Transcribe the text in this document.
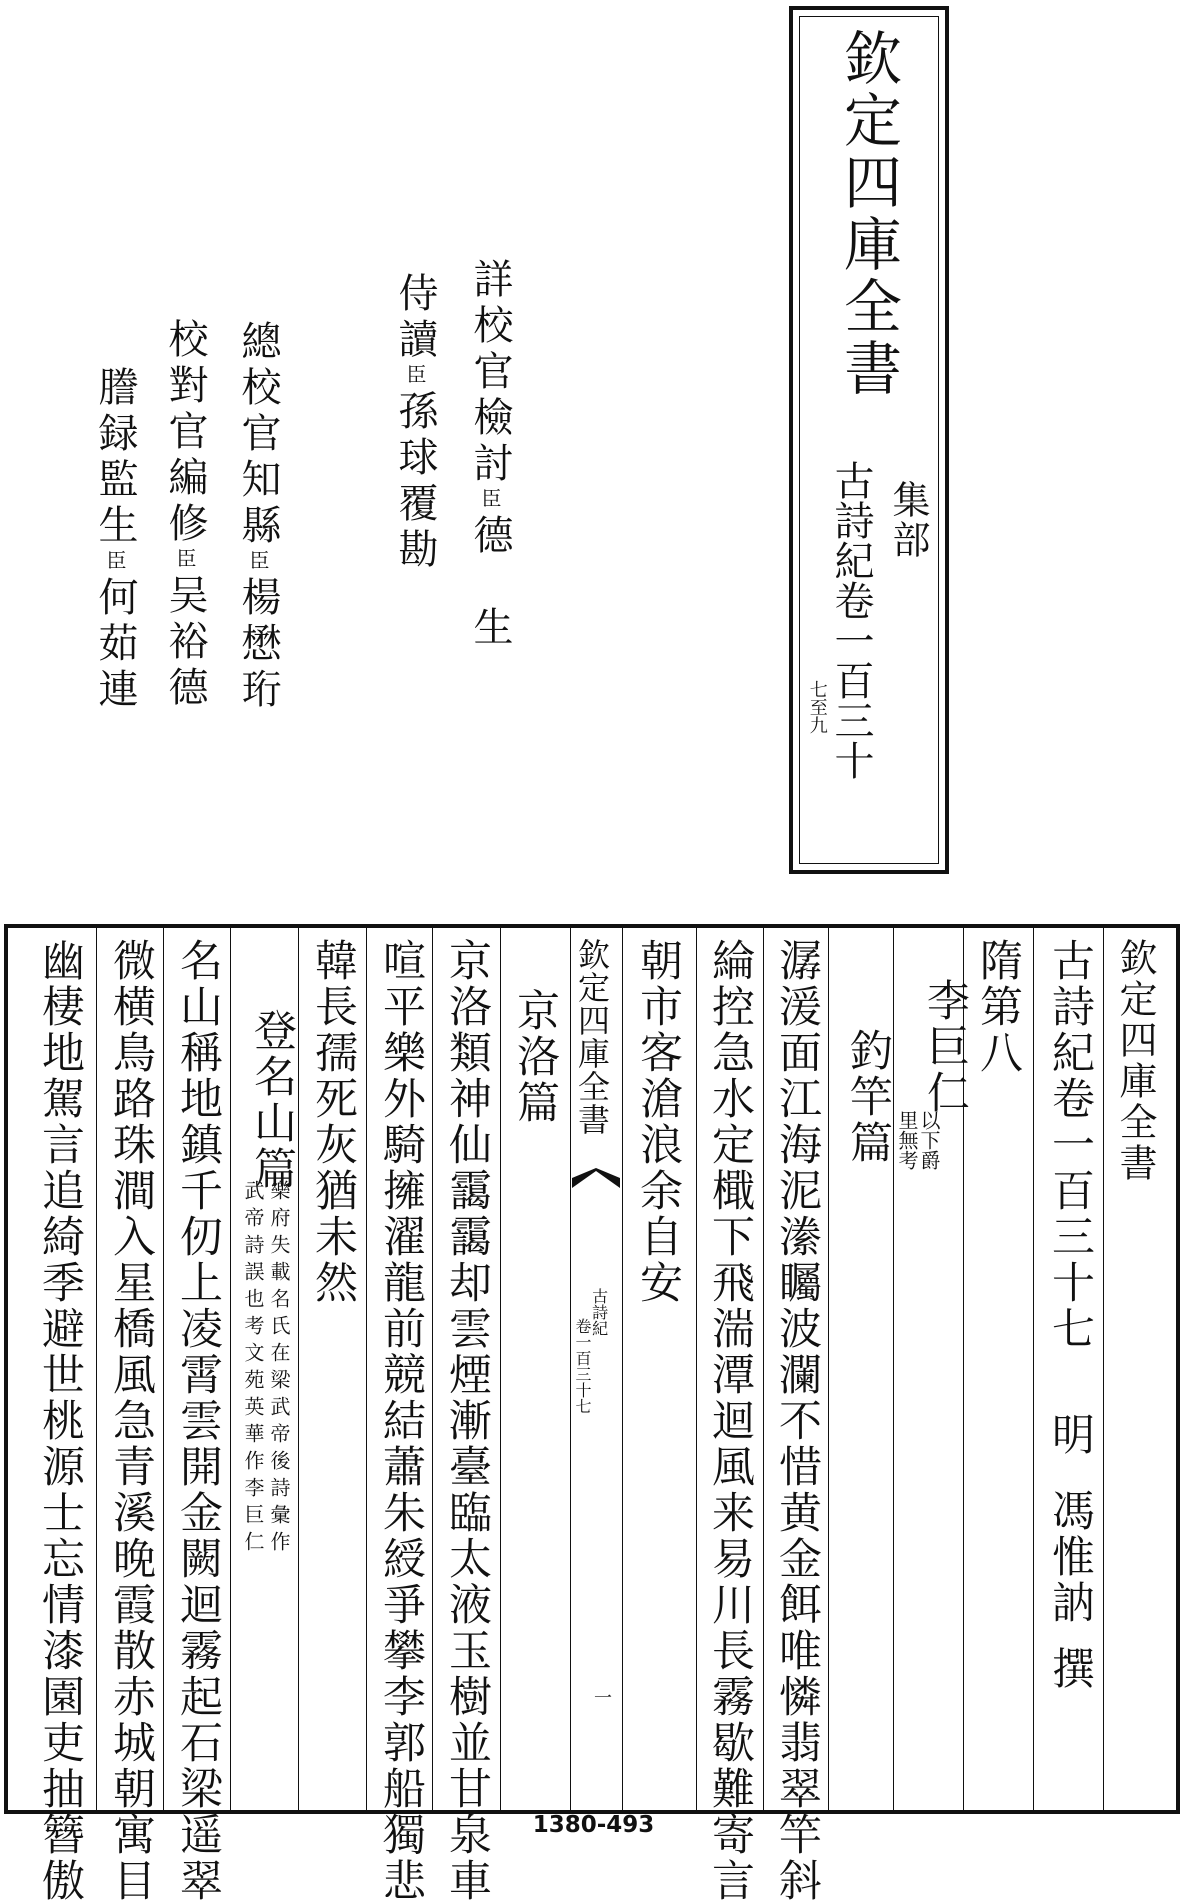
欽定四庫全書
集部
古詩紀卷一百三十
七至九
詳校官檢討臣德　生
侍讀臣孫球覆勘
總校官知縣臣楊懋珩
校對官編修臣吴裕德
謄録監生臣何茹連
欽定四庫全書
古詩紀卷一百三十七明馮惟訥撰
隋第八
李巨仁
以下爵
里無考
釣竿篇
潺湲面江海泥潫矚波瀾不惜黄金餌唯憐翡翠竿斜
綸控急水定檝下飛湍潭迴風来易川長霧歇難寄言
朝市客滄浪余自安
欽定四庫全書
古詩紀
卷一百三十七
一
京洛篇
京洛類神仙靄靄却雲煙漸臺臨太液玉樹並甘泉車
喧平樂外騎擁濯龍前競結蕭朱綬爭攀李郭船獨悲
韓長孺死灰猶未然
登名山篇
樂府失載名氏在梁武帝後詩彙作
武帝詩誤也考文苑英華作李巨仁
名山稱地鎮千仞上凌霄雲開金闕迴霧起石梁遥翠
微横鳥路珠澗入星橋風急青溪晚霞散赤城朝寓目
幽棲地駕言追綺季避世桃源士忘情漆園吏抽簪傲	1380-493
